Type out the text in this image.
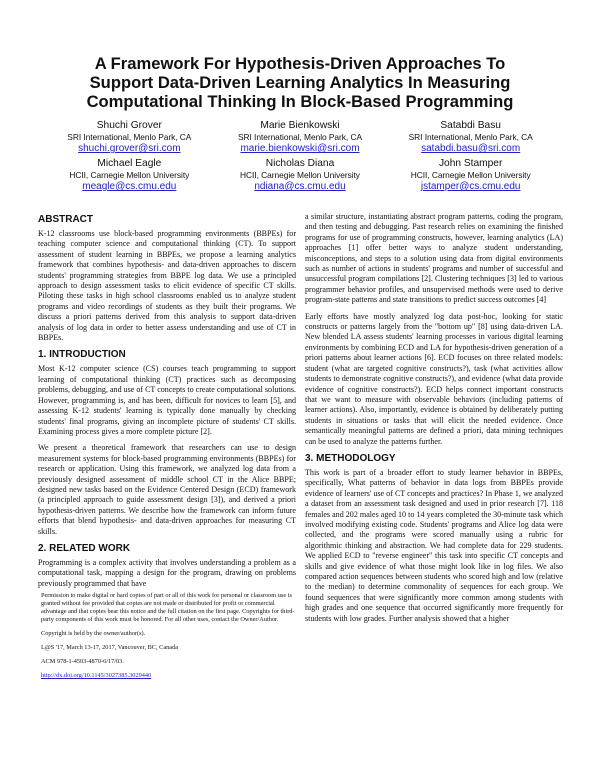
A Framework For Hypothesis-Driven Approaches To
Support Data-Driven Learning Analytics In Measuring
Computational Thinking In Block-Based Programming
Shuchi Grover
SRI International, Menlo Park, CA
shuchi.grover@sri.com
Marie Bienkowski
SRI International, Menlo Park, CA
marie.bienkowski@sri.com
Satabdi Basu
SRI International, Menlo Park, CA
satabdi.basu@sri.com
Michael Eagle
HCII, Carnegie Mellon University
meagle@cs.cmu.edu
Nicholas Diana
HCII, Carnegie Mellon University
ndiana@cs.cmu.edu
John Stamper
HCII, Carnegie Mellon University
jstamper@cs.cmu.edu
ABSTRACT

K-12 classrooms use block-based programming environments (BBPEs) for teaching computer science and computational thinking (CT). To support assessment of student learning in BBPEs, we propose a learning analytics framework that combines hypothesis- and data-driven approaches to discern students' programming strategies from BBPE log data. We use a principled approach to design assessment tasks to elicit evidence of specific CT skills. Piloting these tasks in high school classrooms enabled us to analyze student programs and video recordings of students as they built their programs. We discuss a priori patterns derived from this analysis to support data-driven analysis of log data in order to better assess understanding and use of CT in BBPEs.

1. INTRODUCTION

Most K-12 computer science (CS) courses teach programming to support learning of computational thinking (CT) practices such as decomposing problems, debugging, and use of CT concepts to create computational solutions. However, programming is, and has been, difficult for novices to learn [5], and assessing K-12 students' learning is typically done manually by checking students' final programs, giving an incomplete picture of students' CT skills. Examining process gives a more complete picture [2].

We present a theoretical framework that researchers can use to design measurement systems for block-based programming environments (BBPEs) for research or application. Using this framework, we analyzed log data from a previously designed assessment of middle school CT in the Alice BBPE; designed new tasks based on the Evidence Centered Design (ECD) framework (a principled approach to guide assessment design [3]), and derived a priori hypothesis-driven patterns. We describe how the framework can inform future efforts that blend hypothesis- and data-driven approaches for measuring CT skills.

2. RELATED WORK

Programming is a complex activity that involves understanding a problem as a computational task, mapping a design for the program, drawing on problems previously programmed that have

Permission to make digital or hard copies of part or all of this work for personal or classroom use is granted without fee provided that copies are not made or distributed for profit or commercial advantage and that copies bear this notice and the full citation on the first page. Copyrights for third-party components of this work must be honored. For all other uses, contact the Owner/Author.

Copyright is held by the owner/author(s).

L@S '17, March 13-17, 2017, Vancouver, BC, Canada

ACM 978-1-4503-4870-6/17/03.

http://dx.doi.org/10.1145/3027385.3029440

a similar structure, instantiating abstract program patterns, coding the program, and then testing and debugging. Past research relies on examining the finished programs for use of programming constructs, however, learning analytics (LA) approaches [1] offer better ways to analyze student understanding, misconceptions, and steps to a solution using data from digital environments such as number of actions in students' programs and number of successful and unsuccessful program compilations [2]. Clustering techniques [3] led to various programmer behavior profiles, and unsupervised methods were used to derive program-state patterns and state transitions to predict success outcomes [4]

Early efforts have mostly analyzed log data post-hoc, looking for static constructs or patterns largely from the "bottom up" [8] using data-driven LA. New blended LA assess students' learning processes in various digital learning environments by combining ECD and LA for hypothesis-driven generation of a priori patterns about learner actions [6]. ECD focuses on three related models: student (what are targeted cognitive constructs?), task (what activities allow students to demonstrate cognitive constructs?), and evidence (what data provide evidence of cognitive constructs?). ECD helps connect important constructs that we want to measure with observable behaviors (including patterns of learner actions). Also, importantly, evidence is obtained by deliberately putting students in situations or tasks that will elicit the needed evidence. Once semantically meaningful patterns are defined a priori, data mining techniques can be used to analyze the patterns further.

3. METHODOLOGY

This work is part of a broader effort to study learner behavior in BBPEs, specifically, What patterns of behavior in data logs from BBPEs provide evidence of learners' use of CT concepts and practices? In Phase 1, we analyzed a dataset from an assessment task designed and used in prior research [7]. 118 females and 202 males aged 10 to 14 years completed the 30-minute task which involved modifying existing code. Students' programs and Alice log data were collected, and the programs were scored manually using a rubric for algorithmic thinking and abstraction. We had complete data for 229 students. We applied ECD to "reverse engineer" this task into specific CT concepts and skills and give evidence of what those might look like in log files. We also compared action sequences between students who scored high and low (relative to the median) to determine commonality of sequences for each group. We found sequences that were significantly more common among students with high grades and one sequence that occurred significantly more frequently for students with low grades. Further analysis showed that a higher
